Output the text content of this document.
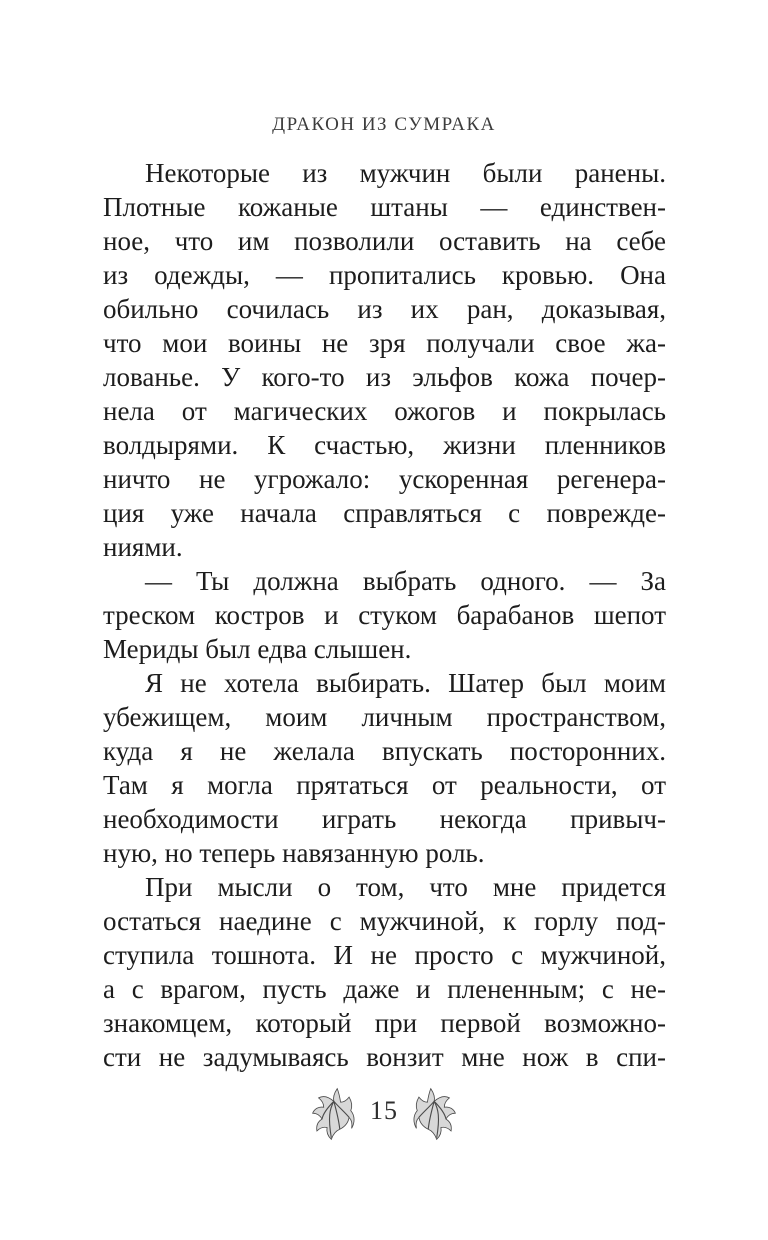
ДРАКОН ИЗ СУМРАКА
Некоторые из мужчин были ранены.
Плотные кожаные штаны — единствен-
ное, что им позволили оставить на себе
из одежды, — пропитались кровью. Она
обильно сочилась из их ран, доказывая,
что мои воины не зря получали свое жа-
лованье. У кого-то из эльфов кожа почер-
нела от магических ожогов и покрылась
волдырями. К счастью, жизни пленников
ничто не угрожало: ускоренная регенера-
ция уже начала справляться с поврежде-
ниями.
— Ты должна выбрать одного. — За
треском костров и стуком барабанов шепот
Мериды был едва слышен.
Я не хотела выбирать. Шатер был моим
убежищем, моим личным пространством,
куда я не желала впускать посторонних.
Там я могла прятаться от реальности, от
необходимости играть некогда привыч-
ную, но теперь навязанную роль.
При мысли о том, что мне придется
остаться наедине с мужчиной, к горлу под-
ступила тошнота. И не просто с мужчиной,
а с врагом, пусть даже и плененным; с не-
знакомцем, который при первой возможно-
сти не задумываясь вонзит мне нож в спи-
15
